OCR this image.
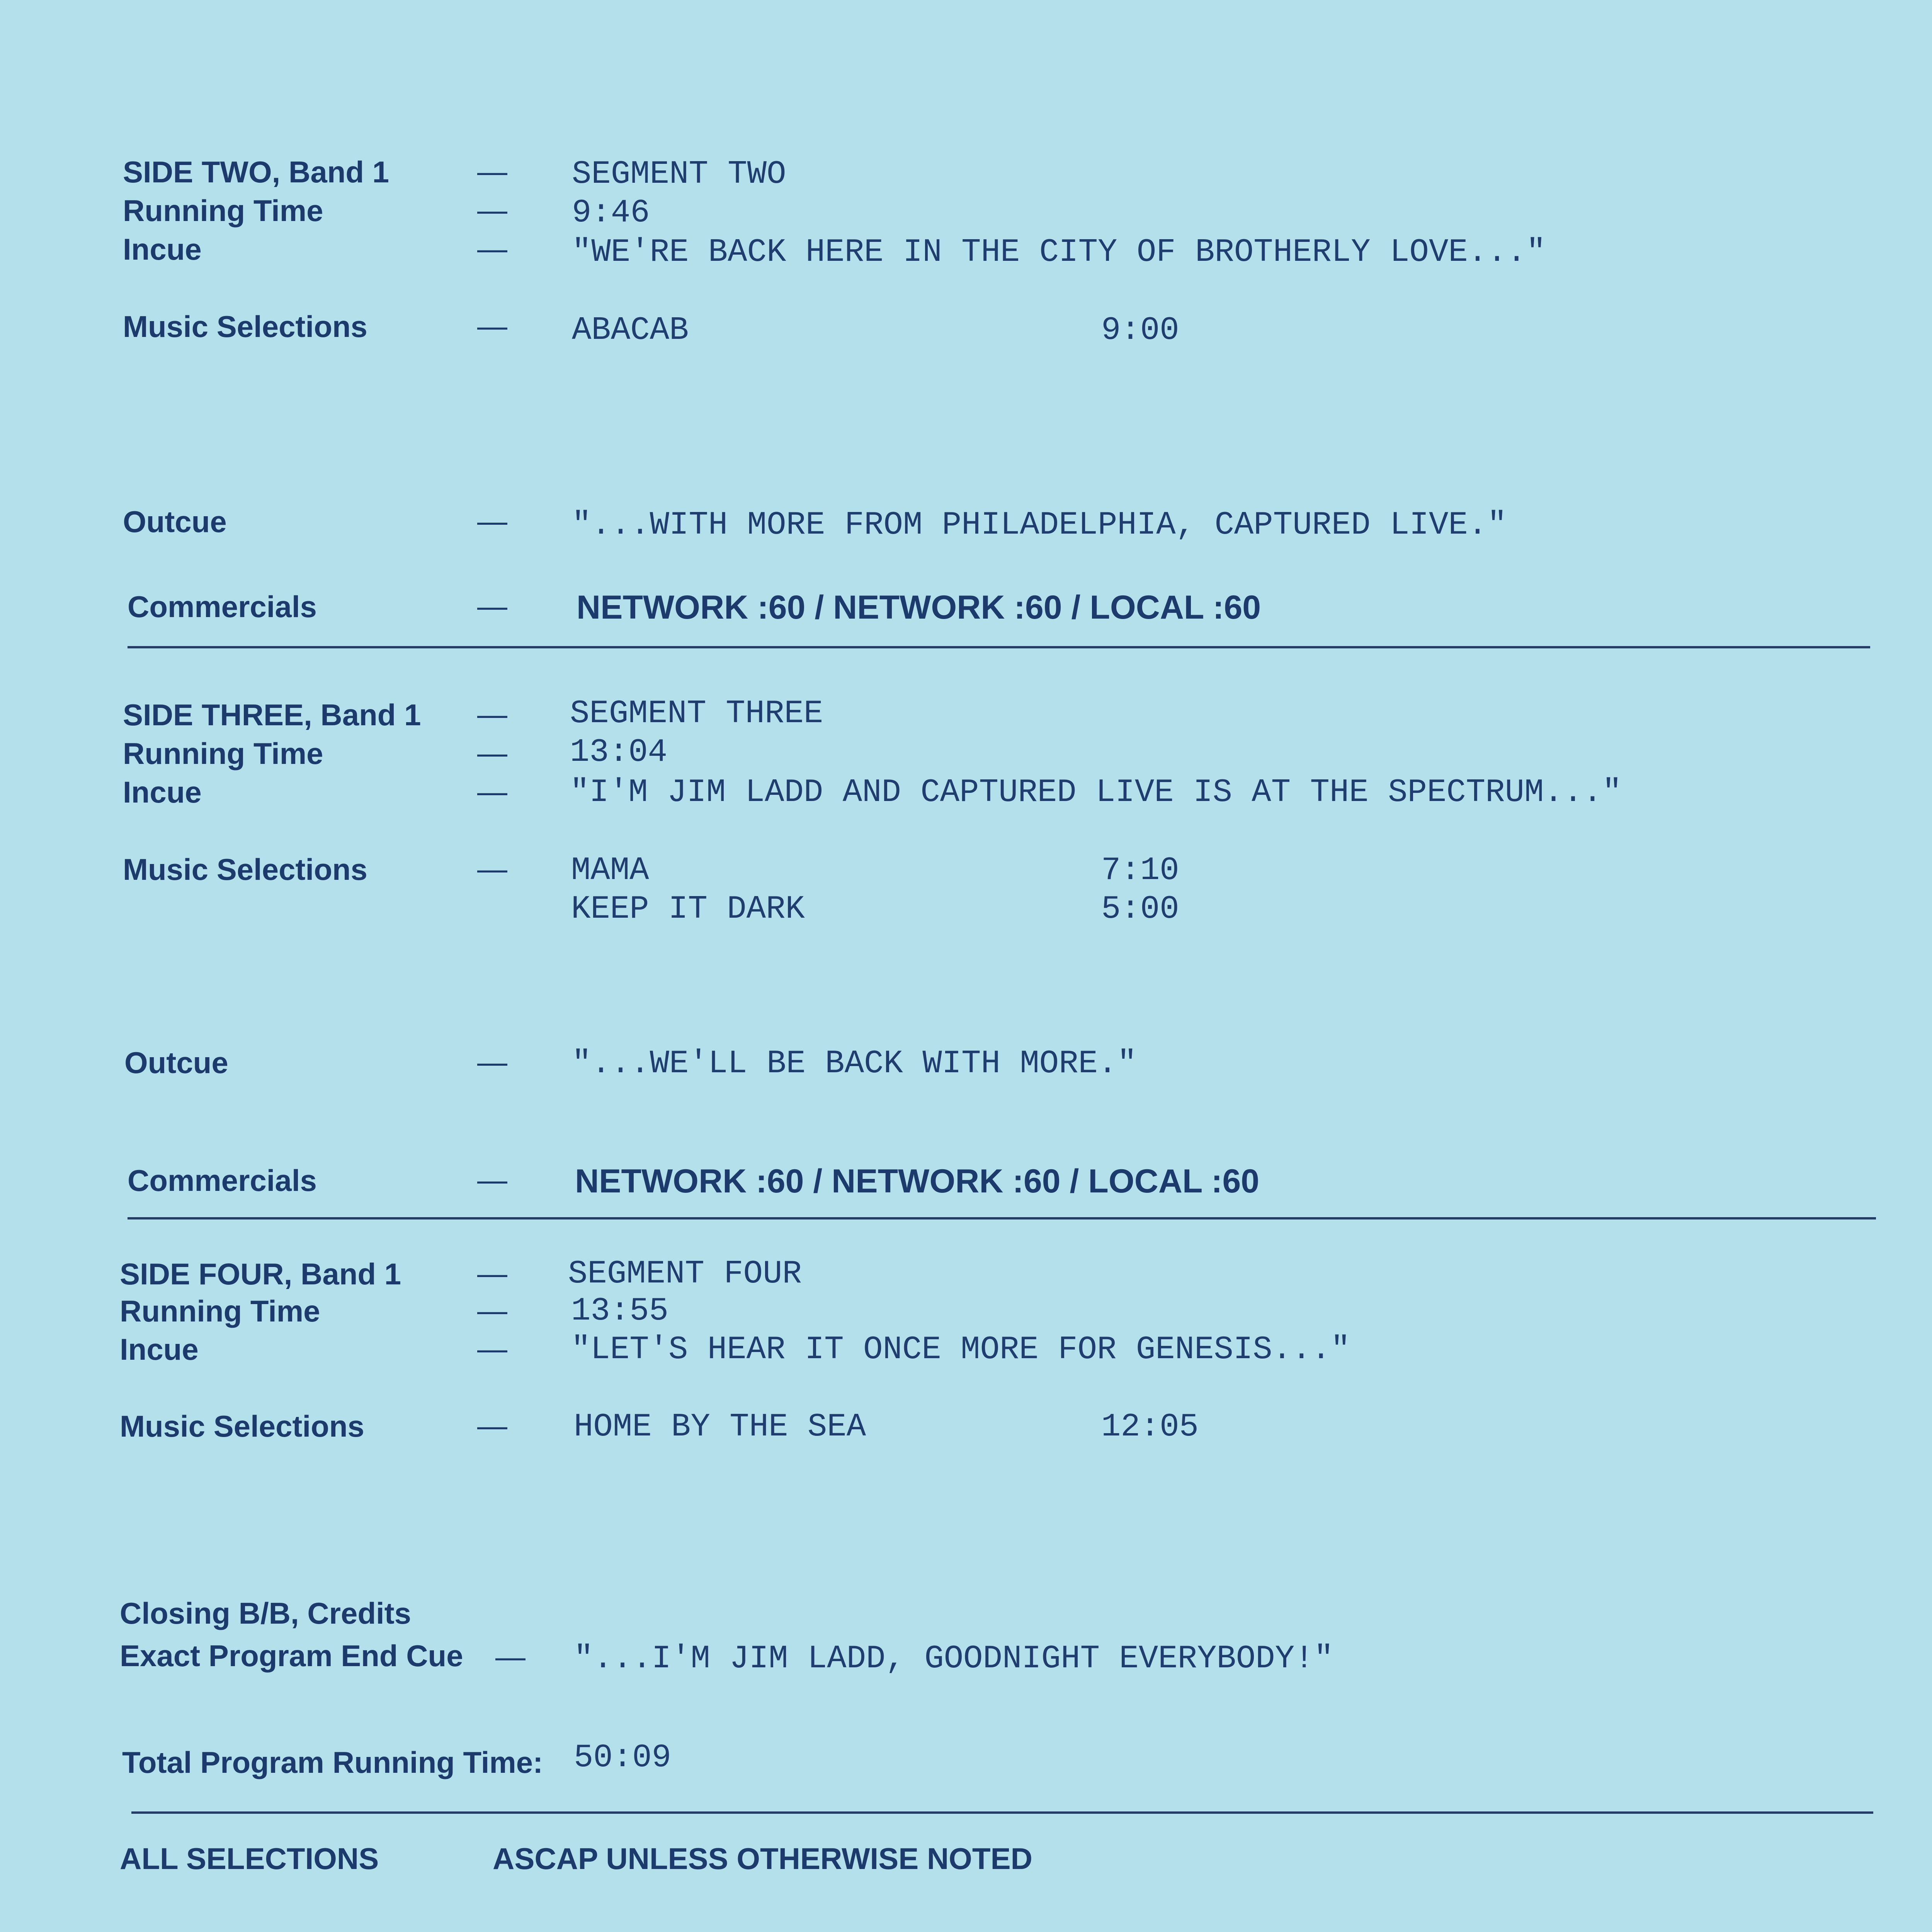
SIDE TWO, Band 1	— SEGMENT TWO
Running Time	— 9:46
Incue	— "WE'RE BACK HERE IN THE CITY OF BROTHERLY LOVE..."
Music Selections	— ABACAB	9:00
Outcue	— "...WITH MORE FROM PHILADELPHIA, CAPTURED LIVE."
Commercials	— NETWORK :60 / NETWORK :60 / LOCAL :60
SIDE THREE, Band 1 — SEGMENT THREE
Running Time	— 13:04
Incue	— "I'M JIM LADD AND CAPTURED LIVE IS AT THE SPECTRUM..."
Music Selections	— MAMA	7:10
KEEP IT DARK	5:00
Outcue	— "...WE'LL BE BACK WITH MORE."
Commercials	— NETWORK :60 / NETWORK :60 / LOCAL :60
SIDE FOUR, Band 1	— SEGMENT FOUR
Running Time	— 13:55
Incue	— "LET'S HEAR IT ONCE MORE FOR GENESIS..."
Music Selections	— HOME BY THE SEA	12:05
Closing B/B, Credits
Exact Program End Cue — "...I'M JIM LADD, GOODNIGHT EVERYBODY!"
Total Program Running Time: 50:09
ALL SELECTIONS	ASCAP UNLESS OTHERWISE NOTED
